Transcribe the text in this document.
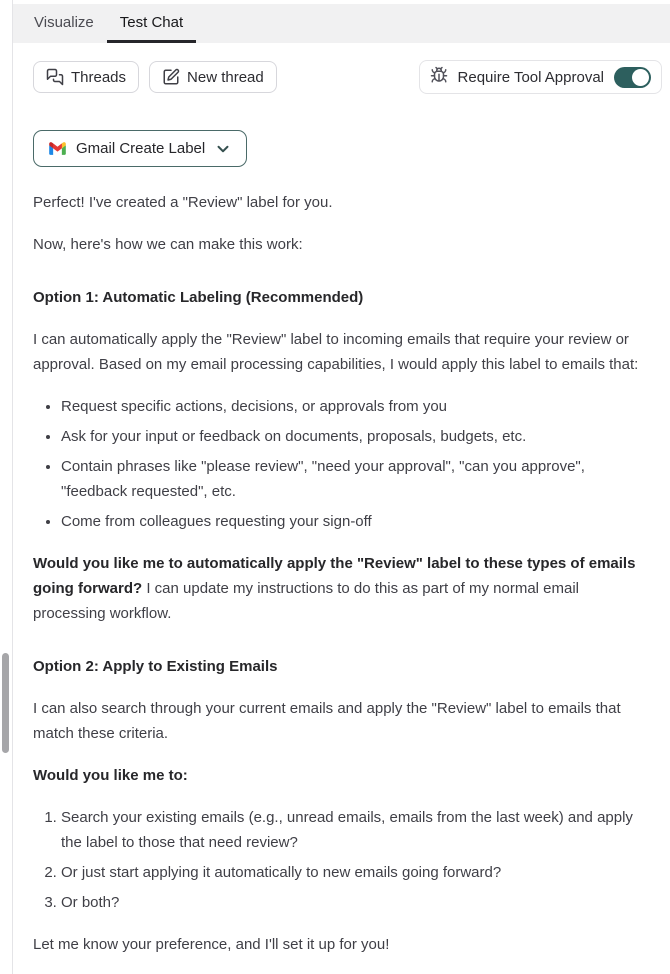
Visualize	Test Chat
Threads	New thread	Require Tool Approval
Gmail Create Label

Perfect! I've created a "Review" label for you.

Now, here's how we can make this work:

Option 1: Automatic Labeling (Recommended)

I can automatically apply the "Review" label to incoming emails that require your review or approval. Based on my email processing capabilities, I would apply this label to emails that:

• Request specific actions, decisions, or approvals from you
• Ask for your input or feedback on documents, proposals, budgets, etc.
• Contain phrases like "please review", "need your approval", "can you approve", "feedback requested", etc.
• Come from colleagues requesting your sign-off

Would you like me to automatically apply the "Review" label to these types of emails going forward? I can update my instructions to do this as part of my normal email processing workflow.

Option 2: Apply to Existing Emails

I can also search through your current emails and apply the "Review" label to emails that match these criteria.

Would you like me to:

1. Search your existing emails (e.g., unread emails, emails from the last week) and apply the label to those that need review?
2. Or just start applying it automatically to new emails going forward?
3. Or both?

Let me know your preference, and I'll set it up for you!
